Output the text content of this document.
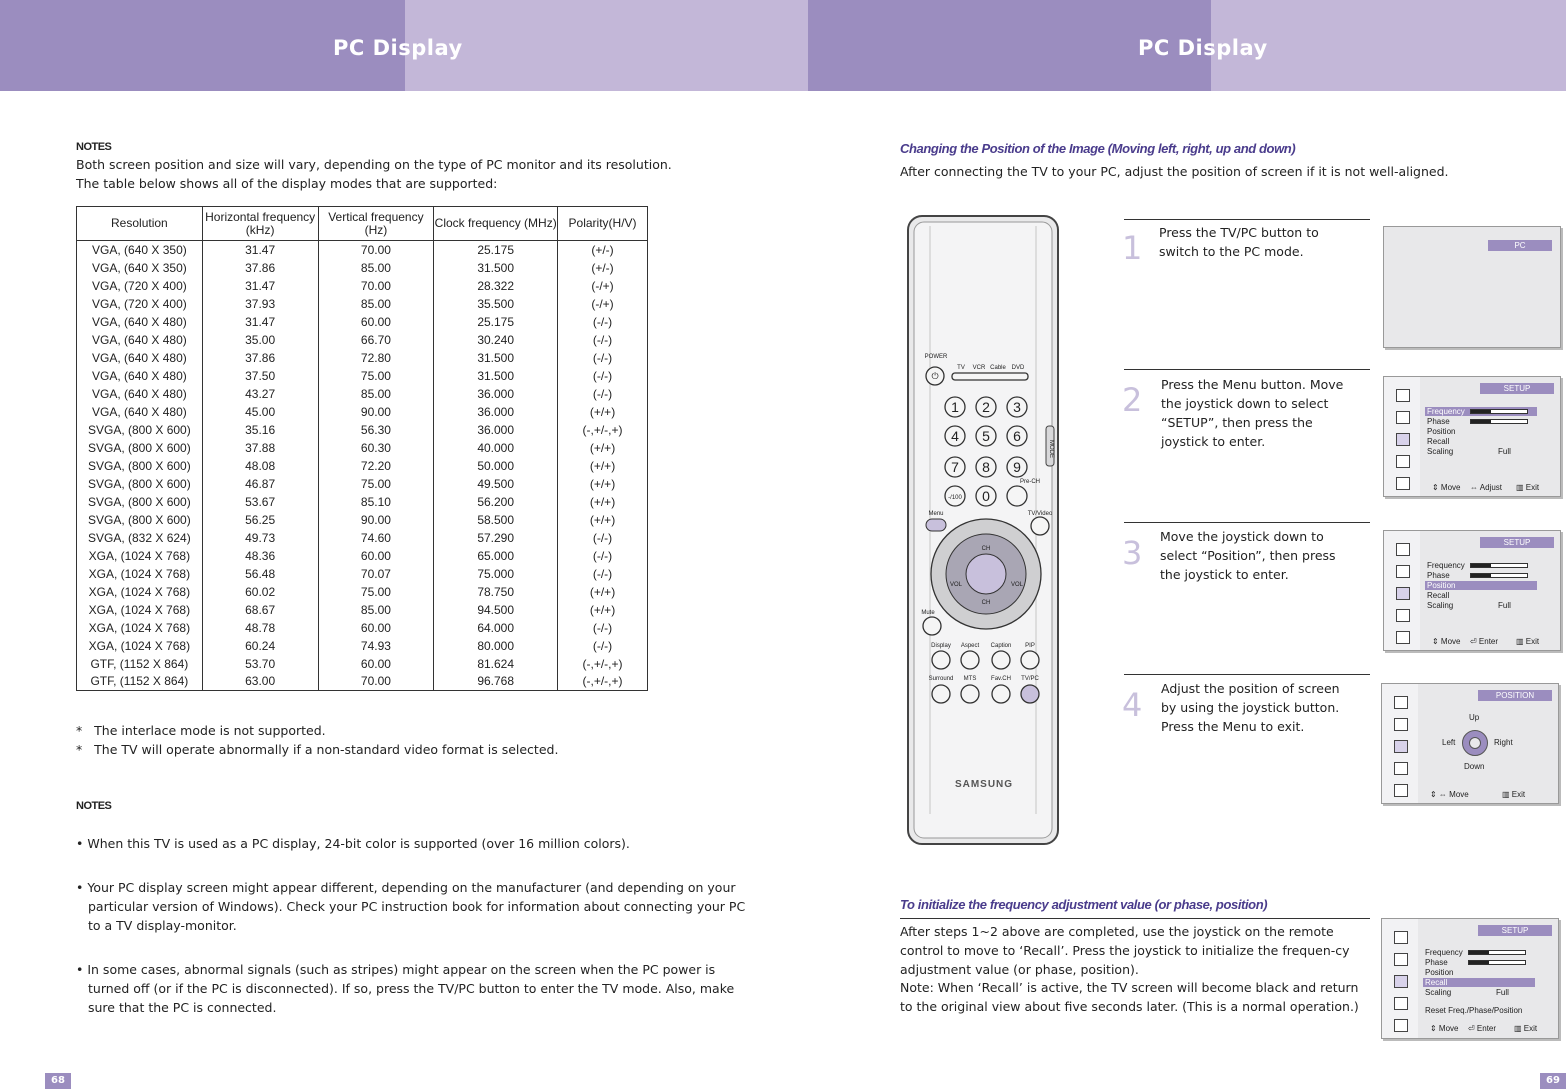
PC Display	PC Display
NOTES
Both screen position and size will vary, depending on the type of PC monitor and its resolution.
The table below shows all of the display modes that are supported:
Resolution	Horizontal frequency (kHz)	Vertical frequency (Hz)	Clock frequency (MHz)	Polarity(H/V)
VGA, (640 X 350)	31.47	70.00	25.175	(+/-)
VGA, (640 X 350)	37.86	85.00	31.500	(+/-)
VGA, (720 X 400)	31.47	70.00	28.322	(-/+)
VGA, (720 X 400)	37.93	85.00	35.500	(-/+)
VGA, (640 X 480)	31.47	60.00	25.175	(-/-)
VGA, (640 X 480)	35.00	66.70	30.240	(-/-)
VGA, (640 X 480)	37.86	72.80	31.500	(-/-)
VGA, (640 X 480)	37.50	75.00	31.500	(-/-)
VGA, (640 X 480)	43.27	85.00	36.000	(-/-)
VGA, (640 X 480)	45.00	90.00	36.000	(+/+)
SVGA, (800 X 600)	35.16	56.30	36.000	(-,+/-,+)
SVGA, (800 X 600)	37.88	60.30	40.000	(+/+)
SVGA, (800 X 600)	48.08	72.20	50.000	(+/+)
SVGA, (800 X 600)	46.87	75.00	49.500	(+/+)
SVGA, (800 X 600)	53.67	85.10	56.200	(+/+)
SVGA, (800 X 600)	56.25	90.00	58.500	(+/+)
SVGA, (832 X 624)	49.73	74.60	57.290	(-/-)
XGA, (1024 X 768)	48.36	60.00	65.000	(-/-)
XGA, (1024 X 768)	56.48	70.07	75.000	(-/-)
XGA, (1024 X 768)	60.02	75.00	78.750	(+/+)
XGA, (1024 X 768)	68.67	85.00	94.500	(+/+)
XGA, (1024 X 768)	48.78	60.00	64.000	(-/-)
XGA, (1024 X 768)	60.24	74.93	80.000	(-/-)
GTF, (1152 X 864)	53.70	60.00	81.624	(-,+/-,+)
GTF, (1152 X 864)	63.00	70.00	96.768	(-,+/-,+)
*   The interlace mode is not supported.
*   The TV will operate abnormally if a non-standard video format is selected.
NOTES
• When this TV is used as a PC display, 24-bit color is supported (over 16 million colors).
• Your PC display screen might appear different, depending on the manufacturer (and depending on your particular version of Windows). Check your PC instruction book for information about connecting your PC to a TV display-monitor.
• In some cases, abnormal signals (such as stripes) might appear on the screen when the PC power is turned off (or if the PC is disconnected). If so, press the TV/PC button to enter the TV mode. Also, make sure that the PC is connected.
68
Changing the Position of the Image (Moving left, right, up and down)
After connecting the TV to your PC, adjust the position of screen if it is not well-aligned.
MODE
POWER
⏻
TV VCR Cable DVD
1 2 3
4 5 6
7 8 9
-/100 0
Pre-CH
Menu	TV/Video
CH
CH
VOL	VOL
Mute
Display Aspect Caption PIP
Surround MTS Fav.CH TV/PC
SAMSUNG
1 Press the TV/PC button to switch to the PC mode.
2 Press the Menu button. Move the joystick down to select “SETUP”, then press the joystick to enter.
3 Move the joystick down to select “Position”, then press the joystick to enter.
4 Adjust the position of screen by using the joystick button. Press the Menu to exit.
PC
SETUP
Frequency
Phase
Position
Recall
Scaling	Full
⇕ Move ⇔ Adjust ▥ Exit
SETUP
Frequency
Phase
Position
Recall
Scaling	Full
⇕ Move ⏎ Enter ▥ Exit
POSITION
Up
Down
Left	Right
⇕ ⇔ Move	▥ Exit
To initialize the frequency adjustment value (or phase, position)
After steps 1~2 above are completed, use the joystick on the remote control to move to ‘Recall’. Press the joystick to initialize the frequen-cy adjustment value (or phase, position).
Note: When ‘Recall’ is active, the TV screen will become black and return to the original view about five seconds later. (This is a normal operation.)
SETUP
Frequency
Phase
Position
Recall
Scaling	Full
Reset Freq./Phase/Position
⇕ Move ⏎ Enter ▥ Exit
69
